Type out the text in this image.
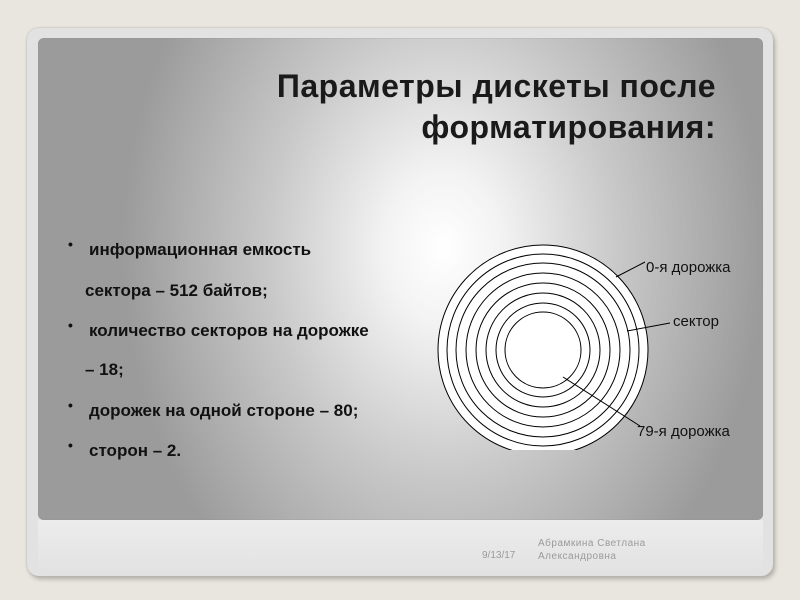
Параметры дискеты после
форматирования:
• информационная емкость
сектора – 512 байтов;
• количество секторов на дорожке
– 18;
• дорожек на одной стороне – 80;
• сторон – 2.
0-я дорожка
сектор
79-я дорожка
9/13/17
Абрамкина Светлана
Александровна
